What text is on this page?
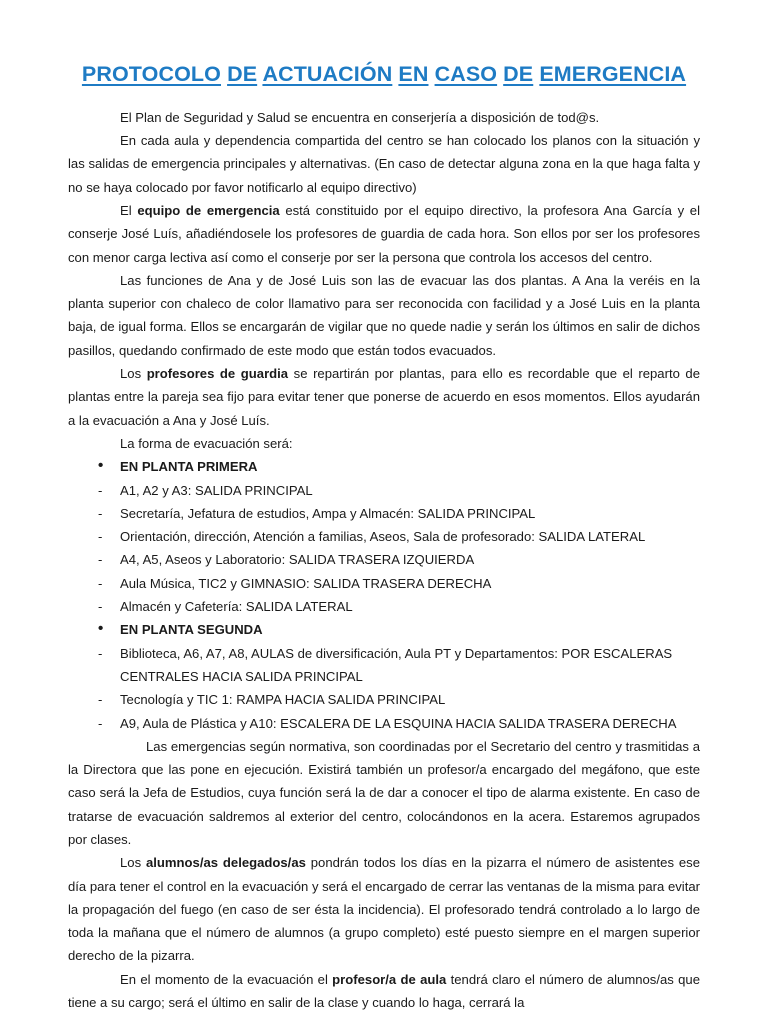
PROTOCOLO DE ACTUACIÓN EN CASO DE EMERGENCIA

El Plan de Seguridad y Salud se encuentra en conserjería a disposición de tod@s.

En cada aula y dependencia compartida del centro se han colocado los planos con la situación y las salidas de emergencia principales y alternativas. (En caso de detectar alguna zona en la que haga falta y no se haya colocado por favor notificarlo al equipo directivo)

El equipo de emergencia está constituido por el equipo directivo, la profesora Ana García y el conserje José Luís, añadiéndosele los profesores de guardia de cada hora. Son ellos por ser los profesores con menor carga lectiva así como el conserje por ser la persona que controla los accesos del centro.

Las funciones de Ana y de José Luis son las de evacuar las dos plantas. A Ana la veréis en la planta superior con chaleco de color llamativo para ser reconocida con facilidad y a José Luis en la planta baja, de igual forma. Ellos se encargarán de vigilar que no quede nadie y serán los últimos en salir de dichos pasillos, quedando confirmado de este modo que están todos evacuados.

Los profesores de guardia se repartirán por plantas, para ello es recordable que el reparto de plantas entre la pareja sea fijo para evitar tener que ponerse de acuerdo en esos momentos. Ellos ayudarán a la evacuación a Ana y José Luís.

La forma de evacuación será:

•	EN PLANTA PRIMERA
-	A1, A2 y A3: SALIDA PRINCIPAL
-	Secretaría, Jefatura de estudios, Ampa y Almacén: SALIDA PRINCIPAL
-	Orientación, dirección, Atención a familias, Aseos, Sala de profesorado: SALIDA LATERAL
-	A4, A5, Aseos y Laboratorio: SALIDA TRASERA IZQUIERDA
-	Aula Música, TIC2 y GIMNASIO: SALIDA TRASERA DERECHA
-	Almacén y Cafetería: SALIDA LATERAL
•	EN PLANTA SEGUNDA
-	Biblioteca, A6, A7, A8, AULAS de diversificación, Aula PT y Departamentos: POR ESCALERAS CENTRALES HACIA SALIDA PRINCIPAL
-	Tecnología y TIC 1: RAMPA HACIA SALIDA PRINCIPAL
-	A9, Aula de Plástica y A10: ESCALERA DE LA ESQUINA HACIA SALIDA TRASERA DERECHA

Las emergencias según normativa, son coordinadas por el Secretario del centro y trasmitidas a la Directora que las pone en ejecución. Existirá también un profesor/a encargado del megáfono, que este caso será la Jefa de Estudios, cuya función será la de dar a conocer el tipo de alarma existente. En caso de tratarse de evacuación saldremos al exterior del centro, colocándonos en la acera. Estaremos agrupados por clases.

Los alumnos/as delegados/as pondrán todos los días en la pizarra el número de asistentes ese día para tener el control en la evacuación y será el encargado de cerrar las ventanas de la misma para evitar la propagación del fuego (en caso de ser ésta la incidencia). El profesorado tendrá controlado a lo largo de toda la mañana que el número de alumnos (a grupo completo) esté puesto siempre en el margen superior derecho de la pizarra.

En el momento de la evacuación el profesor/a de aula tendrá claro el número de alumnos/as que tiene a su cargo; será el último en salir de la clase y cuando lo haga, cerrará la
